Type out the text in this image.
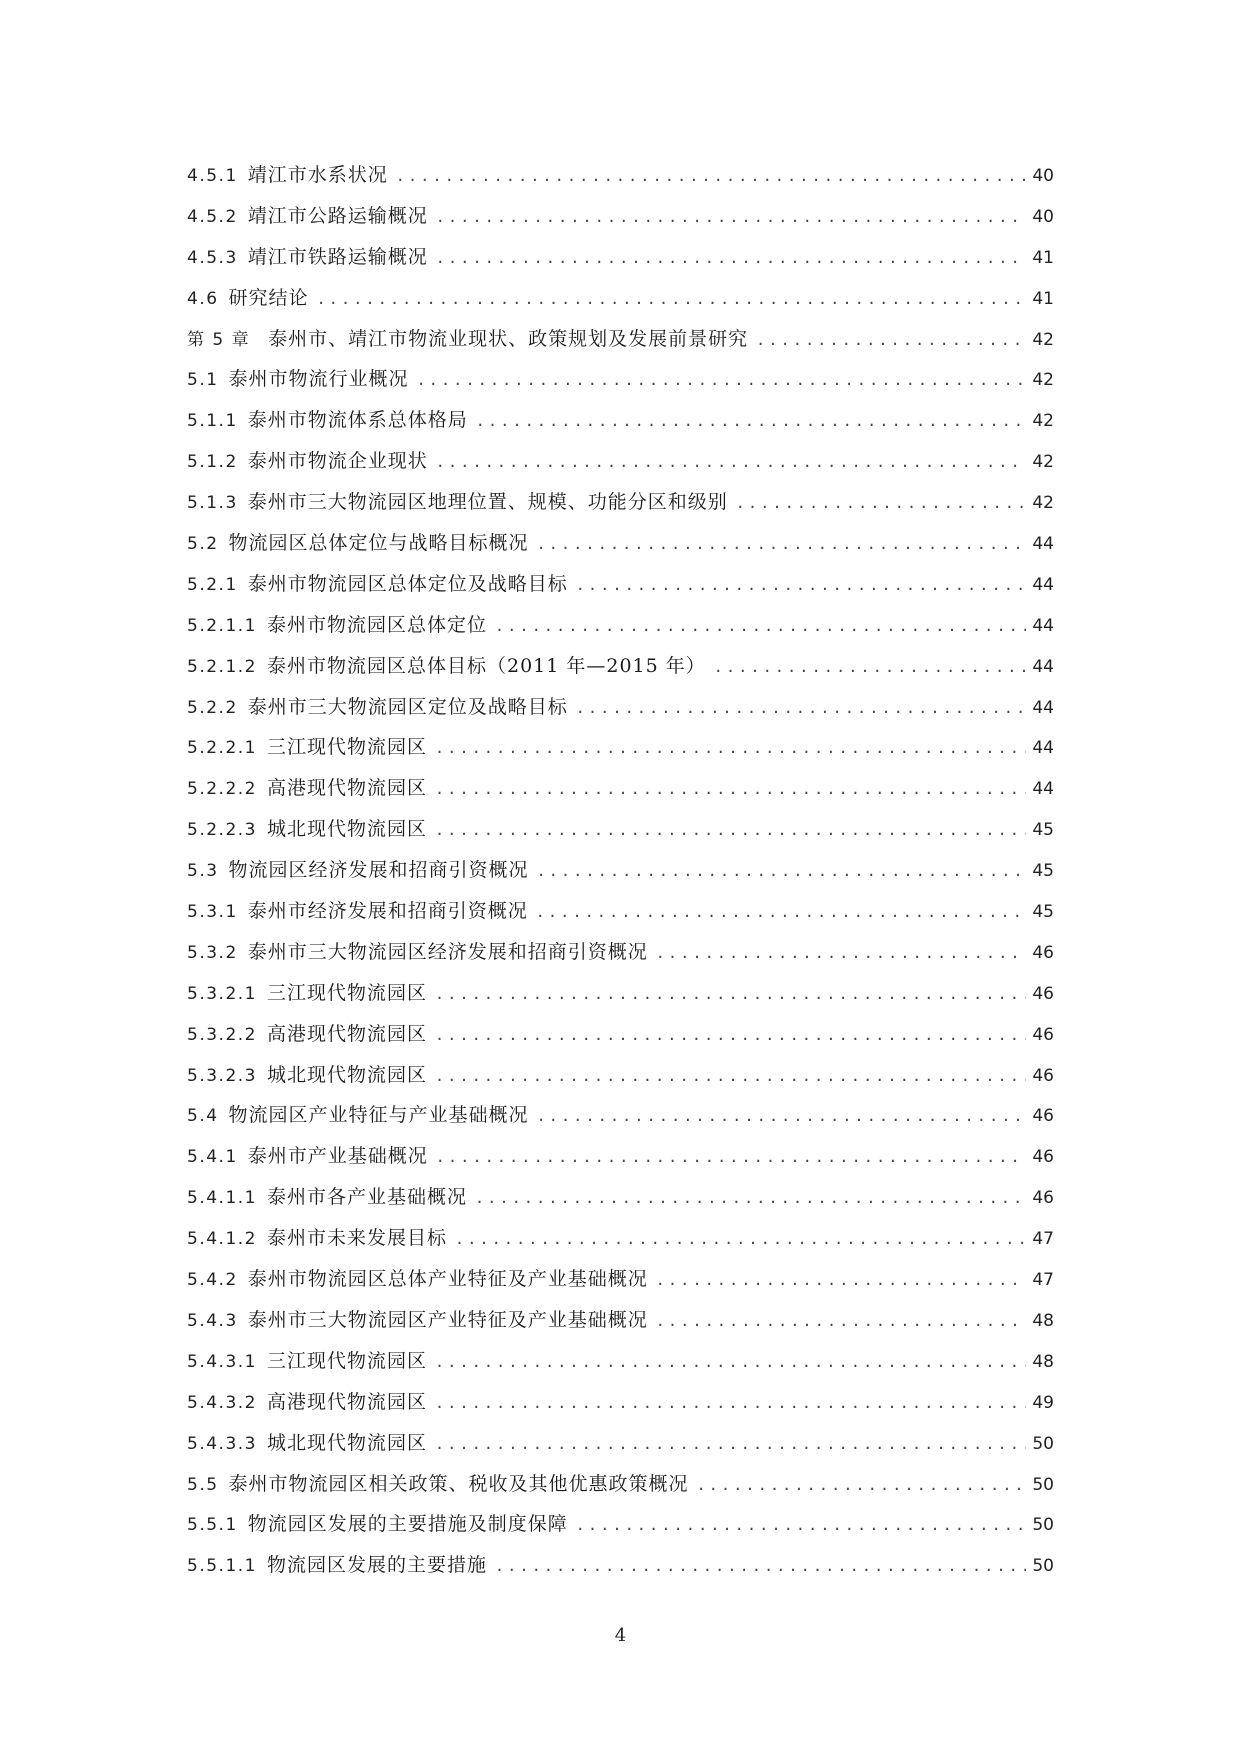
4.5.1 靖江市水系状况 .....	40
4.5.2 靖江市公路运输概况 .....	40
4.5.3 靖江市铁路运输概况 .....	41
4.6 研究结论 .....	41
第 5 章 泰州市、靖江市物流业现状、政策规划及发展前景研究 .....	42
5.1 泰州市物流行业概况 .....	42
5.1.1 泰州市物流体系总体格局 .....	42
5.1.2 泰州市物流企业现状 .....	42
5.1.3 泰州市三大物流园区地理位置、规模、功能分区和级别 .....	42
5.2 物流园区总体定位与战略目标概况 .....	44
5.2.1 泰州市物流园区总体定位及战略目标 .....	44
5.2.1.1 泰州市物流园区总体定位 .....	44
5.2.1.2 泰州市物流园区总体目标（2011 年—2015 年） .....	44
5.2.2 泰州市三大物流园区定位及战略目标 .....	44
5.2.2.1 三江现代物流园区 .....	44
5.2.2.2 高港现代物流园区 .....	44
5.2.2.3 城北现代物流园区 .....	45
5.3 物流园区经济发展和招商引资概况 .....	45
5.3.1 泰州市经济发展和招商引资概况 .....	45
5.3.2 泰州市三大物流园区经济发展和招商引资概况 .....	46
5.3.2.1 三江现代物流园区 .....	46
5.3.2.2 高港现代物流园区 .....	46
5.3.2.3 城北现代物流园区 .....	46
5.4 物流园区产业特征与产业基础概况 .....	46
5.4.1 泰州市产业基础概况 .....	46
5.4.1.1 泰州市各产业基础概况 .....	46
5.4.1.2 泰州市未来发展目标 .....	47
5.4.2 泰州市物流园区总体产业特征及产业基础概况 .....	47
5.4.3 泰州市三大物流园区产业特征及产业基础概况 .....	48
5.4.3.1 三江现代物流园区 .....	48
5.4.3.2 高港现代物流园区 .....	49
5.4.3.3 城北现代物流园区 .....	50
5.5 泰州市物流园区相关政策、税收及其他优惠政策概况 .....	50
5.5.1 物流园区发展的主要措施及制度保障 .....	50
5.5.1.1 物流园区发展的主要措施 .....	50
4
